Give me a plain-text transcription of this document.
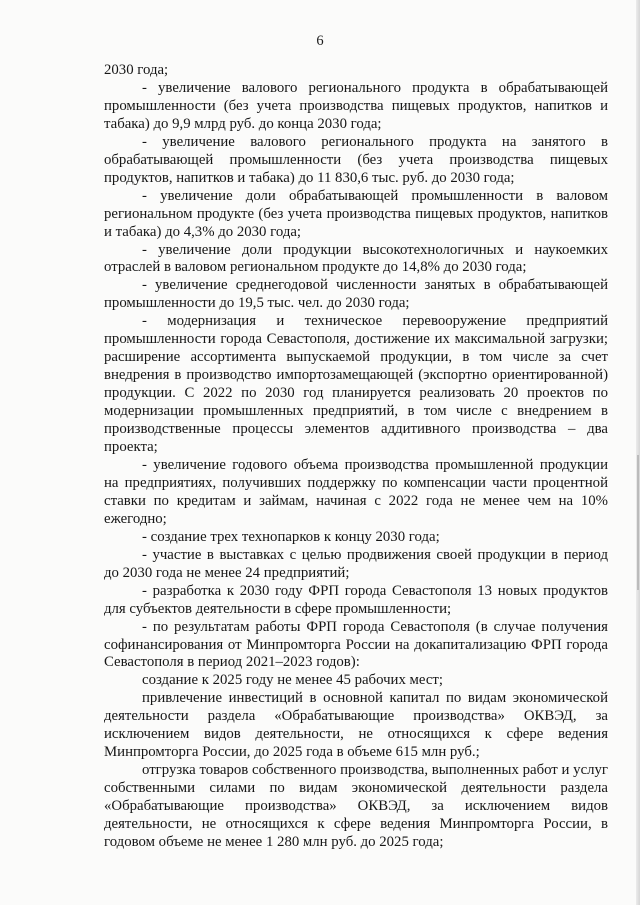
6

2030 года;

- увеличение валового регионального продукта в обрабатывающей промышленности (без учета производства пищевых продуктов, напитков и табака) до 9,9 млрд руб. до конца 2030 года;

- увеличение валового регионального продукта на занятого в обрабатывающей промышленности (без учета производства пищевых продуктов, напитков и табака) до 11 830,6 тыс. руб. до 2030 года;

- увеличение доли обрабатывающей промышленности в валовом региональном продукте (без учета производства пищевых продуктов, напитков и табака) до 4,3% до 2030 года;

- увеличение доли продукции высокотехнологичных и наукоемких отраслей в валовом региональном продукте до 14,8% до 2030 года;

- увеличение среднегодовой численности занятых в обрабатывающей промышленности до 19,5 тыс. чел. до 2030 года;

- модернизация и техническое перевооружение предприятий промышленности города Севастополя, достижение их максимальной загрузки; расширение ассортимента выпускаемой продукции, в том числе за счет внедрения в производство импортозамещающей (экспортно ориентированной) продукции. С 2022 по 2030 год планируется реализовать 20 проектов по модернизации промышленных предприятий, в том числе с внедрением в производственные процессы элементов аддитивного производства – два проекта;

- увеличение годового объема производства промышленной продукции на предприятиях, получивших поддержку по компенсации части процентной ставки по кредитам и займам, начиная с 2022 года не менее чем на 10% ежегодно;

- создание трех технопарков к концу 2030 года;

- участие в выставках с целью продвижения своей продукции в период до 2030 года не менее 24 предприятий;

- разработка к 2030 году ФРП города Севастополя 13 новых продуктов для субъектов деятельности в сфере промышленности;

- по результатам работы ФРП города Севастополя (в случае получения софинансирования от Минпромторга России на докапитализацию ФРП города Севастополя в период 2021–2023 годов):

создание к 2025 году не менее 45 рабочих мест;

привлечение инвестиций в основной капитал по видам экономической деятельности раздела «Обрабатывающие производства» ОКВЭД, за исключением видов деятельности, не относящихся к сфере ведения Минпромторга России, до 2025 года в объеме 615 млн руб.;

отгрузка товаров собственного производства, выполненных работ и услуг собственными силами по видам экономической деятельности раздела «Обрабатывающие производства» ОКВЭД, за исключением видов деятельности, не относящихся к сфере ведения Минпромторга России, в годовом объеме не менее 1 280 млн руб. до 2025 года;
